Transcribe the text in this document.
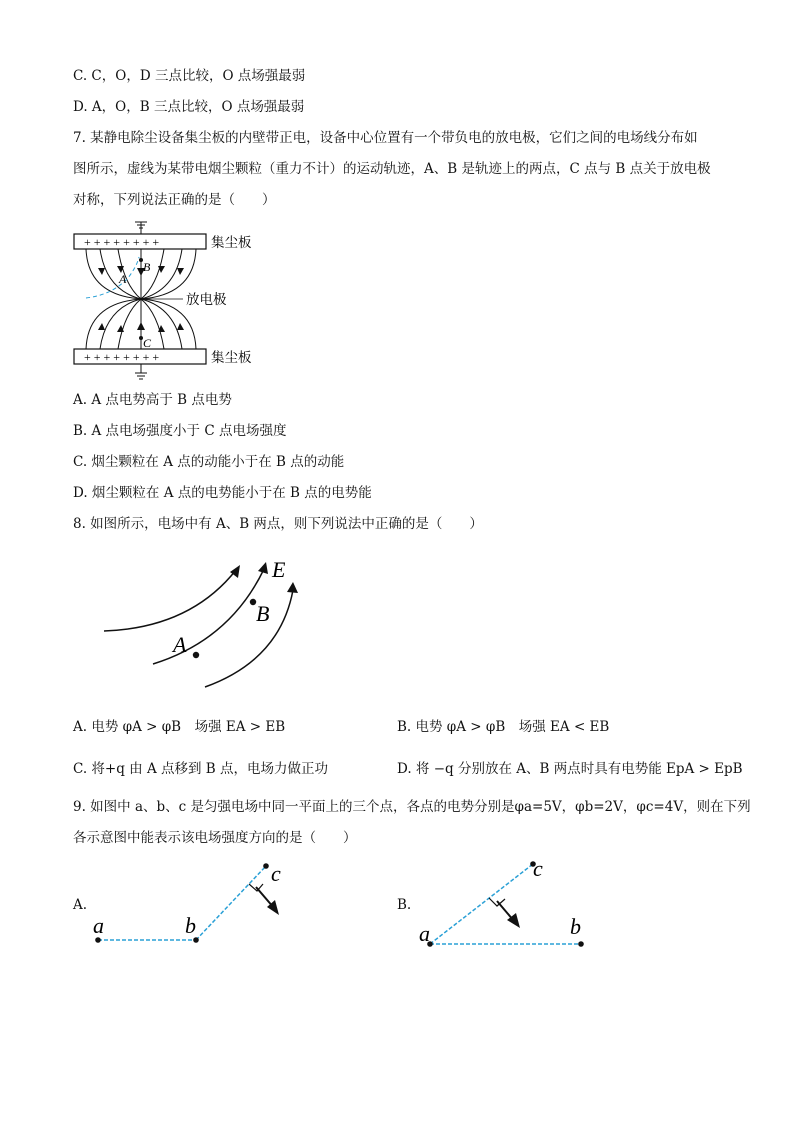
C. C，O，D 三点比较，O 点场强最弱
D. A，O，B 三点比较，O 点场强最弱
7. 某静电除尘设备集尘板的内壁带正电，设备中心位置有一个带负电的放电极，它们之间的电场线分布如
图所示，虚线为某带电烟尘颗粒（重力不计）的运动轨迹，A、B 是轨迹上的两点，C 点与 B 点关于放电极
对称，下列说法正确的是（　　）
+ + + + + + + +
+ + + + + + + +
B
A
C
集尘板
放电极
集尘板
A. A 点电势高于 B 点电势
B. A 点电场强度小于 C 点电场强度
C. 烟尘颗粒在 A 点的动能小于在 B 点的动能
D. 烟尘颗粒在 A 点的电势能小于在 B 点的电势能
8. 如图所示，电场中有 A、B 两点，则下列说法中正确的是（　　）
E
B
A
A. 电势 φA > φB　场强 EA > EB	B. 电势 φA > φB　场强 EA < EB
C. 将+q 由 A 点移到 B 点，电场力做正功	D. 将 −q 分别放在 A、B 两点时具有电势能 EpA > EpB
9. 如图中 a、b、c 是匀强电场中同一平面上的三个点，各点的电势分别是φa=5V，φb=2V，φc=4V，则在下列
各示意图中能表示该电场强度方向的是（　　）
A.	B.
a	b
c
a	b
c
